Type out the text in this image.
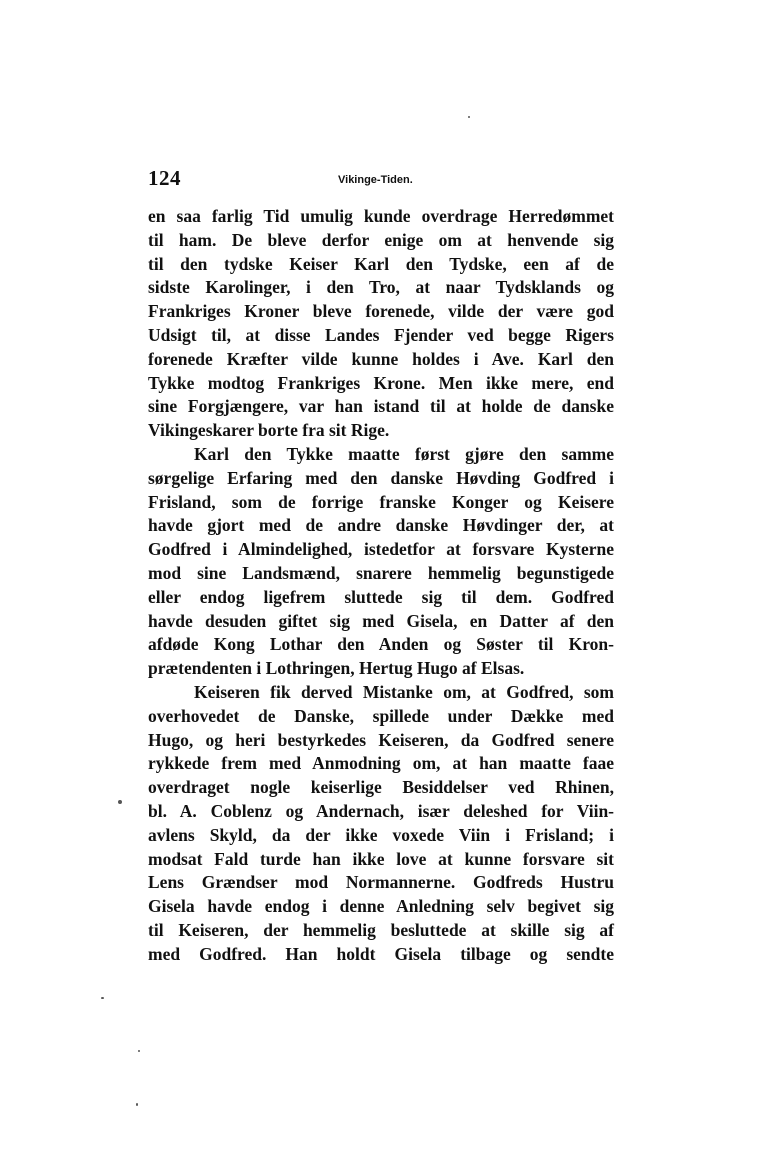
124	Vikinge-Tiden.
en saa farlig Tid umulig kunde overdrage Herredømmet
til ham. De bleve derfor enige om at henvende sig
til den tydske Keiser Karl den Tydske, een af de
sidste Karolinger, i den Tro, at naar Tydsklands og
Frankriges Kroner bleve forenede, vilde der være god
Udsigt til, at disse Landes Fjender ved begge Rigers
forenede Kræfter vilde kunne holdes i Ave. Karl den
Tykke modtog Frankriges Krone. Men ikke mere, end
sine Forgjængere, var han istand til at holde de danske
Vikingeskarer borte fra sit Rige.
Karl den Tykke maatte først gjøre den samme
sørgelige Erfaring med den danske Høvding Godfred i
Frisland, som de forrige franske Konger og Keisere
havde gjort med de andre danske Høvdinger der, at
Godfred i Almindelighed, istedetfor at forsvare Kysterne
mod sine Landsmænd, snarere hemmelig begunstigede
eller endog ligefrem sluttede sig til dem. Godfred
havde desuden giftet sig med Gisela, en Datter af den
afdøde Kong Lothar den Anden og Søster til Kron-
prætendenten i Lothringen, Hertug Hugo af Elsas.
Keiseren fik derved Mistanke om, at Godfred, som
overhovedet de Danske, spillede under Dække med
Hugo, og heri bestyrkedes Keiseren, da Godfred senere
rykkede frem med Anmodning om, at han maatte faae
overdraget nogle keiserlige Besiddelser ved Rhinen,
bl. A. Coblenz og Andernach, især deleshed for Viin-
avlens Skyld, da der ikke voxede Viin i Frisland; i
modsat Fald turde han ikke love at kunne forsvare sit
Lens Grændser mod Normannerne. Godfreds Hustru
Gisela havde endog i denne Anledning selv begivet sig
til Keiseren, der hemmelig besluttede at skille sig af
med Godfred. Han holdt Gisela tilbage og sendte
